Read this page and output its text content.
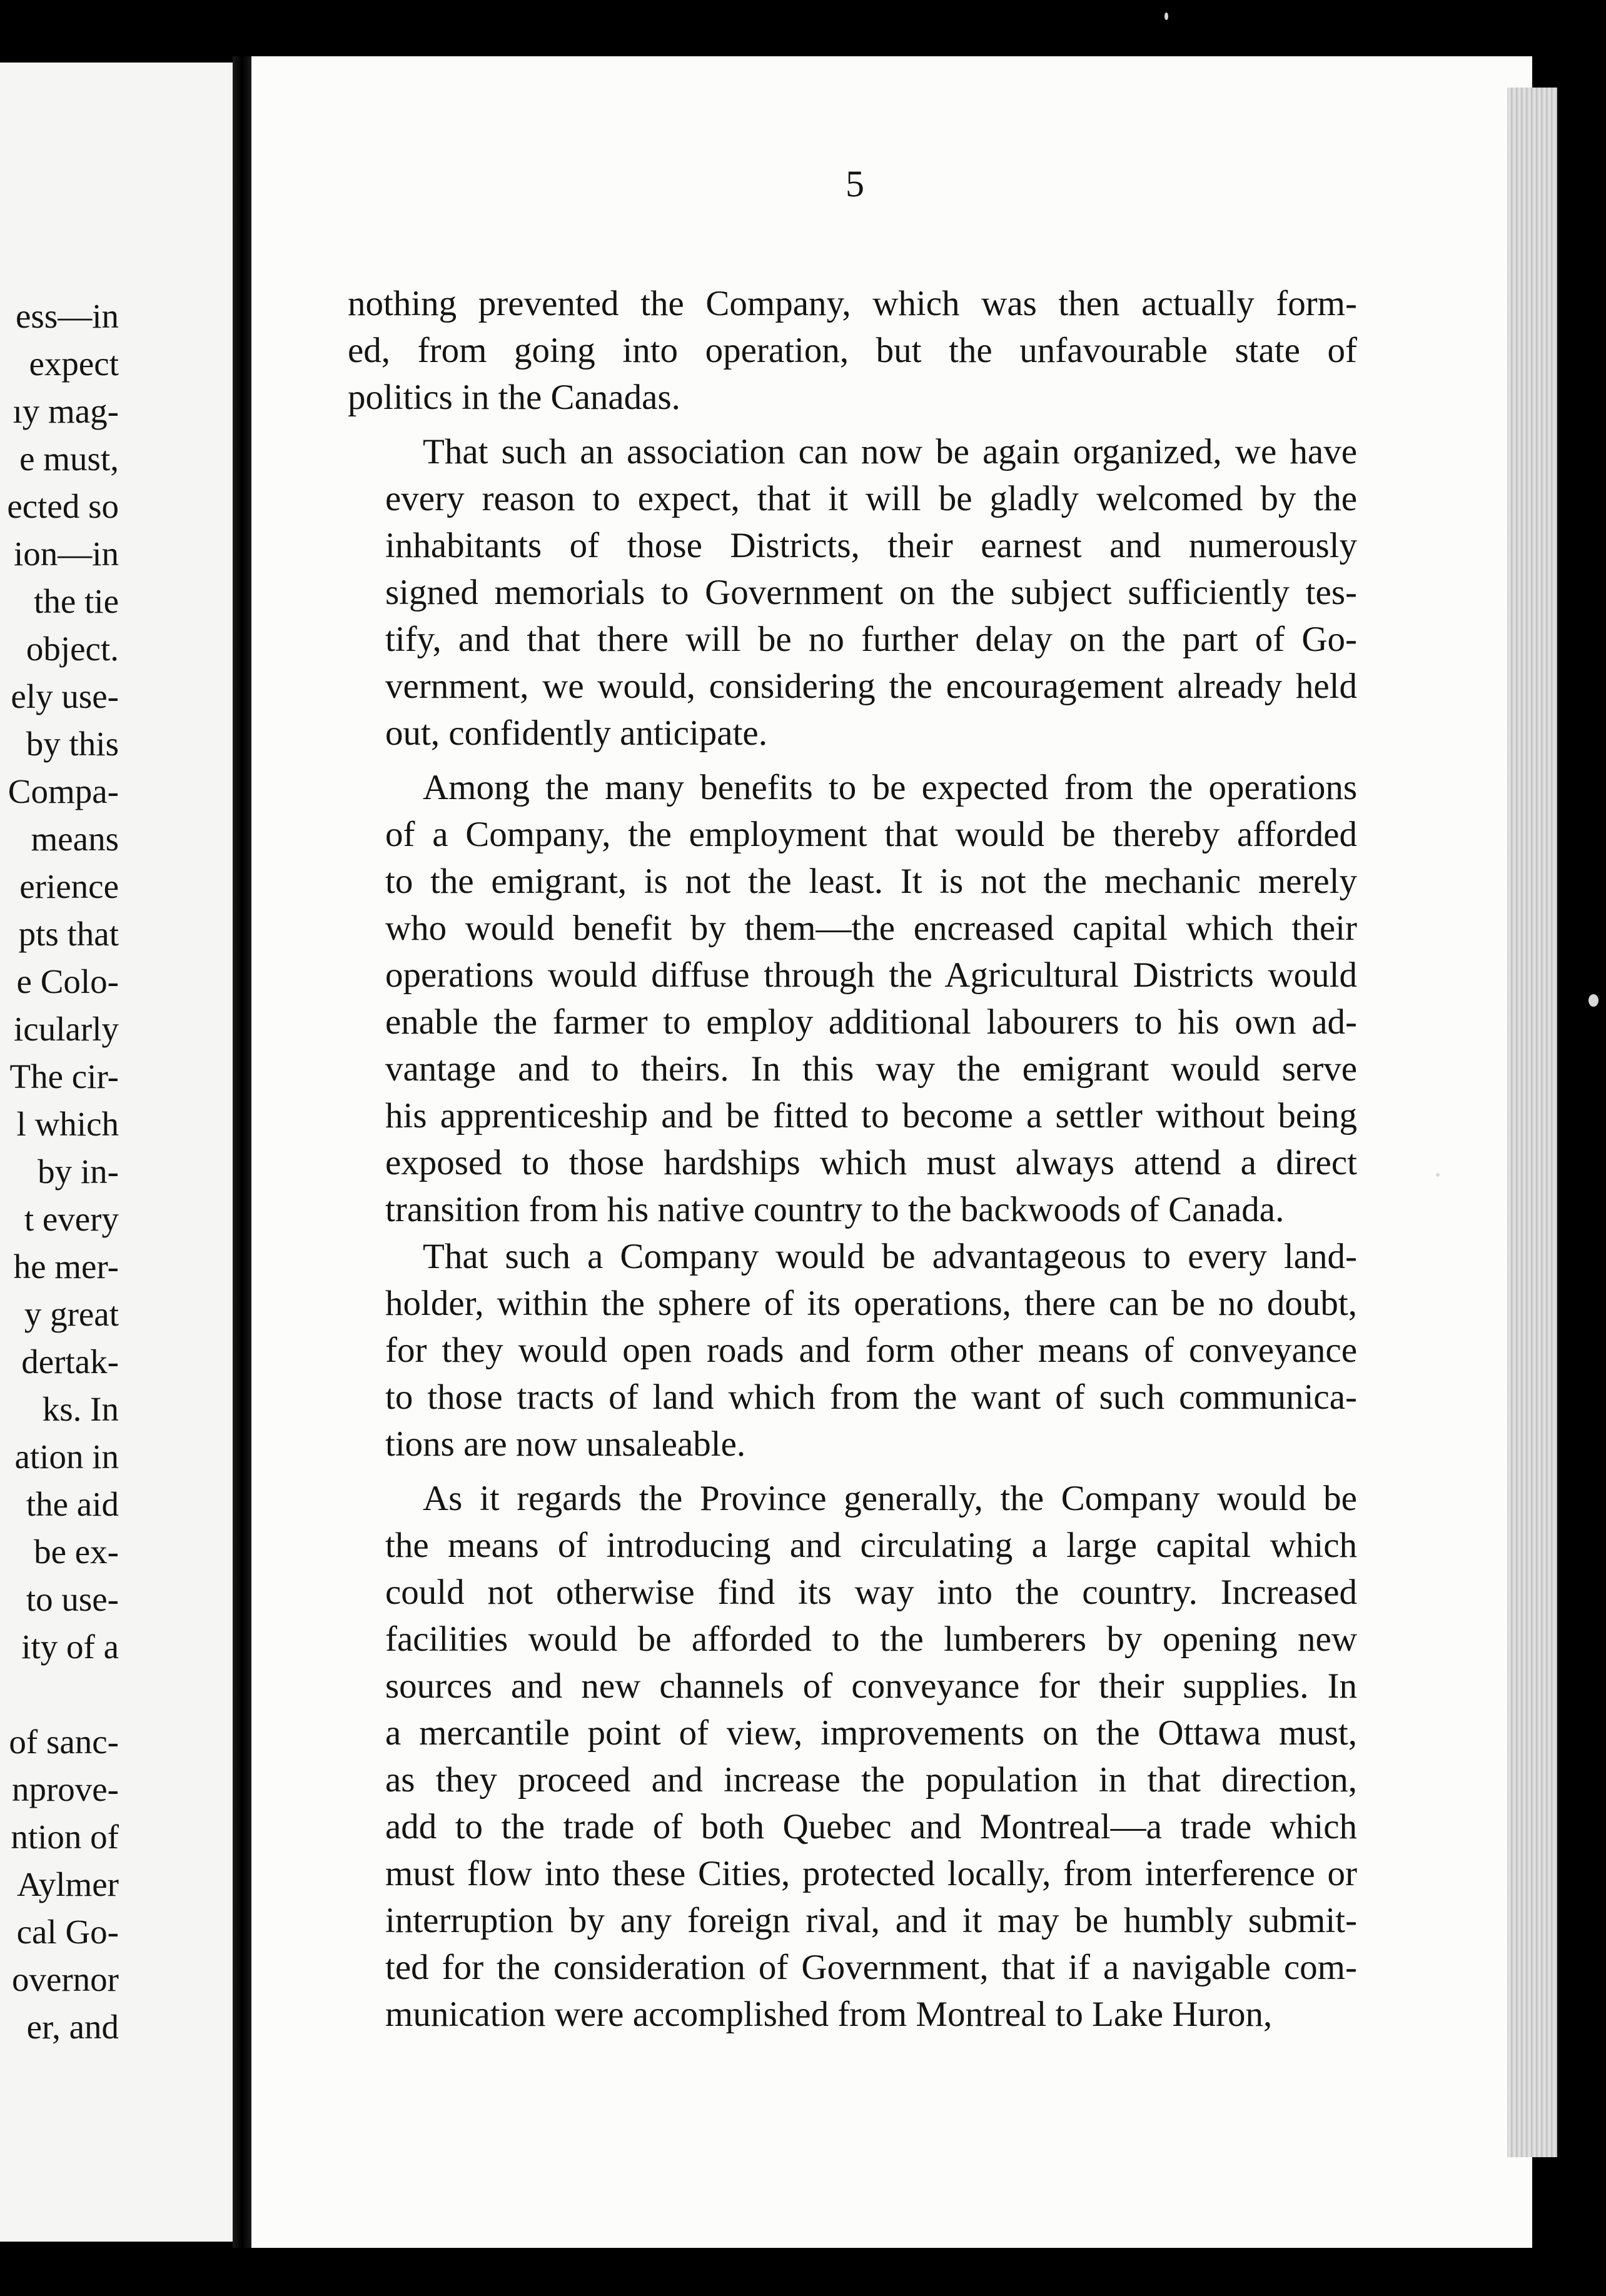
ess—in
expect
ıy mag-
e must,
ected so
ion—in
the tie
object.
ely use-
by this
Compa-
means
erience
pts that
e Colo-
icularly
The cir-
l which
by in-
t every
he mer-
y great
dertak-
ks. In
ation in
the aid
be ex-
to use-
ity of a
of sanc-
nprove-
ntion of
Aylmer
cal Go-
overnor
er, and
5

nothing prevented the Company, which was then actually form-
ed, from going into operation, but the unfavourable state of
politics in the Canadas.

That such an association can now be again organized, we have
every reason to expect, that it will be gladly welcomed by the
inhabitants of those Districts, their earnest and numerously
signed memorials to Government on the subject sufficiently tes-
tify, and that there will be no further delay on the part of Go-
vernment, we would, considering the encouragement already held
out, confidently anticipate.

Among the many benefits to be expected from the operations
of a Company, the employment that would be thereby afforded
to the emigrant, is not the least. It is not the mechanic merely
who would benefit by them—the encreased capital which their
operations would diffuse through the Agricultural Districts would
enable the farmer to employ additional labourers to his own ad-
vantage and to theirs. In this way the emigrant would serve
his apprenticeship and be fitted to become a settler without being
exposed to those hardships which must always attend a direct
transition from his native country to the backwoods of Canada.

That such a Company would be advantageous to every land-
holder, within the sphere of its operations, there can be no doubt,
for they would open roads and form other means of conveyance
to those tracts of land which from the want of such communica-
tions are now unsaleable.

As it regards the Province generally, the Company would be
the means of introducing and circulating a large capital which
could not otherwise find its way into the country. Increased
facilities would be afforded to the lumberers by opening new
sources and new channels of conveyance for their supplies. In
a mercantile point of view, improvements on the Ottawa must,
as they proceed and increase the population in that direction,
add to the trade of both Quebec and Montreal—a trade which
must flow into these Cities, protected locally, from interference or
interruption by any foreign rival, and it may be humbly submit-
ted for the consideration of Government, that if a navigable com-
munication were accomplished from Montreal to Lake Huron,
